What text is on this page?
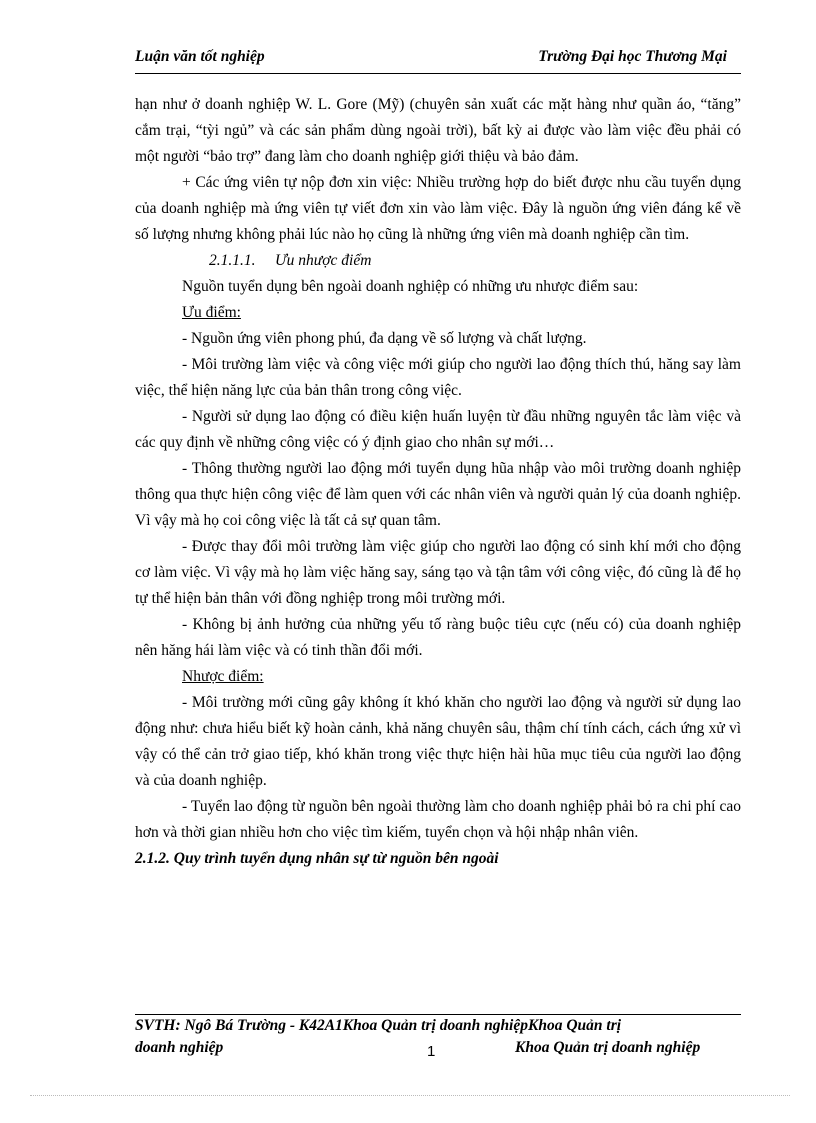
Luận văn tốt nghiệp	Trường Đại học Thương Mại

hạn như ở doanh nghiệp W. L. Gore (Mỹ) (chuyên sản xuất các mặt hàng như quần áo, “tăng” cắm trại, “tỳi ngủ” và các sản phẩm dùng ngoài trời), bất kỳ ai được vào làm việc đều phải có một người “bảo trợ” đang làm cho doanh nghiệp giới thiệu và bảo đảm.

+ Các ứng viên tự nộp đơn xin việc: Nhiều trường hợp do biết được nhu cầu tuyển dụng của doanh nghiệp mà ứng viên tự viết đơn xin vào làm việc. Đây là nguồn ứng viên đáng kể về số lượng nhưng không phải lúc nào họ cũng là những ứng viên mà doanh nghiệp cần tìm.

2.1.1.1. Ưu nhược điểm

Nguồn tuyển dụng bên ngoài doanh nghiệp có những ưu nhược điểm sau:

Ưu điểm:

- Nguồn ứng viên phong phú, đa dạng về số lượng và chất lượng.

- Môi trường làm việc và công việc mới giúp cho người lao động thích thú, hăng say làm việc, thể hiện năng lực của bản thân trong công việc.

- Người sử dụng lao động có điều kiện huấn luyện từ đầu những nguyên tắc làm việc và các quy định về những công việc có ý định giao cho nhân sự mới…

- Thông thường người lao động mới tuyển dụng hũa nhập vào môi trường doanh nghiệp thông qua thực hiện công việc để làm quen với các nhân viên và người quản lý của doanh nghiệp. Vì vậy mà họ coi công việc là tất cả sự quan tâm.

- Được thay đổi môi trường làm việc giúp cho người lao động có sinh khí mới cho động cơ làm việc. Vì vậy mà họ làm việc hăng say, sáng tạo và tận tâm với công việc, đó cũng là để họ tự thể hiện bản thân với đồng nghiệp trong môi trường mới.

- Không bị ảnh hưởng của những yếu tố ràng buộc tiêu cực (nếu có) của doanh nghiệp nên hăng hái làm việc và có tinh thần đổi mới.

Nhược điểm:

- Môi trường mới cũng gây không ít khó khăn cho người lao động và người sử dụng lao động như: chưa hiểu biết kỹ hoàn cảnh, khả năng chuyên sâu, thậm chí tính cách, cách ứng xử vì vậy có thể cản trở giao tiếp, khó khăn trong việc thực hiện hài hũa mục tiêu của người lao động và của doanh nghiệp.

- Tuyển lao động từ nguồn bên ngoài thường làm cho doanh nghiệp phải bỏ ra chi phí cao hơn và thời gian nhiều hơn cho việc tìm kiếm, tuyển chọn và hội nhập nhân viên.

2.1.2. Quy trình tuyển dụng nhân sự từ nguồn bên ngoài

SVTH: Ngô Bá Trường - K42A1Khoa Quản trị doanh nghiệpKhoa Quản trị
doanh nghiệp	1	Khoa Quản trị doanh nghiệp
